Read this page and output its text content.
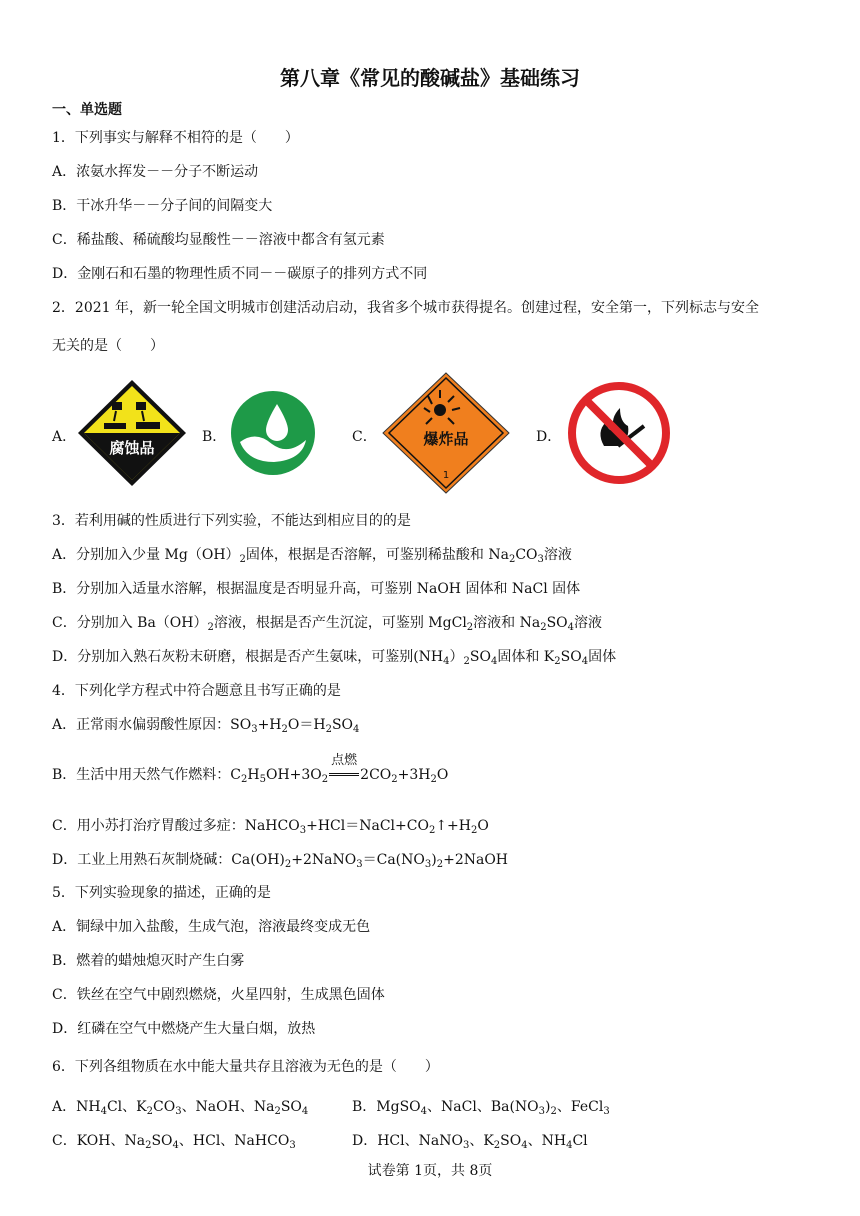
第八章《常见的酸碱盐》基础练习
一、单选题
1．下列事实与解释不相符的是（　　）
A．浓氨水挥发－－分子不断运动
B．干冰升华－－分子间的间隔变大
C．稀盐酸、稀硫酸均显酸性－－溶液中都含有氢元素
D．金刚石和石墨的物理性质不同－－碳原子的排列方式不同
2．2021 年，新一轮全国文明城市创建活动启动，我省多个城市获得提名。创建过程，安全第一，下列标志与安全
无关的是（　　）
A．	B．	C．	D．
腐蚀品	爆炸品
1
3．若利用碱的性质进行下列实验，不能达到相应目的的是
A．分别加入少量 $Mg(OH)_2$固体，根据是否溶解，可鉴别稀盐酸和 $Na_2CO_3$溶液
B．分别加入适量水溶解，根据温度是否明显升高，可鉴别 NaOH 固体和 NaCl 固体
C．分别加入 $Ba(OH)_2$溶液，根据是否产生沉淀，可鉴别 MgCl$_2$溶液和 $Na_2SO_4$溶液
D．分别加入熟石灰粉末研磨，根据是否产生氨味，可鉴别$(NH_4)_2SO_4$固体和 $K_2SO_4$固体
4．下列化学方程式中符合题意且书写正确的是
A．正常雨水偏弱酸性原因：$SO_3+H_2O=H_2SO_4$
B．生活中用天然气作燃料：$C_2H_5OH+3O_2$
点燃
$2CO_2+3H_2O$
C．用小苏打治疗胃酸过多症：$NaHCO_3+HCl=NaCl+CO_2↑+H_2O$
D．工业上用熟石灰制烧碱：$Ca(OH)_2+2NaNO_3=Ca(NO_3)_2+2NaOH$
5．下列实验现象的描述，正确的是
A．铜绿中加入盐酸，生成气泡，溶液最终变成无色
B．燃着的蜡烛熄灭时产生白雾
C．铁丝在空气中剧烈燃烧，火星四射，生成黑色固体
D．红磷在空气中燃烧产生大量白烟，放热
6．下列各组物质在水中能大量共存且溶液为无色的是（　　）
A．$NH_4Cl$、$K_2CO_3$、NaOH、$Na_2SO_4$	B．MgSO$_4$、NaCl、$Ba(NO_3)_2$、FeCl$_3$
C．KOH、$Na_2SO_4$、HCl、NaHCO$_3$	D．HCl、NaNO$_3$、$K_2SO_4$、$NH_4Cl$
试卷第 1页，共 8页
